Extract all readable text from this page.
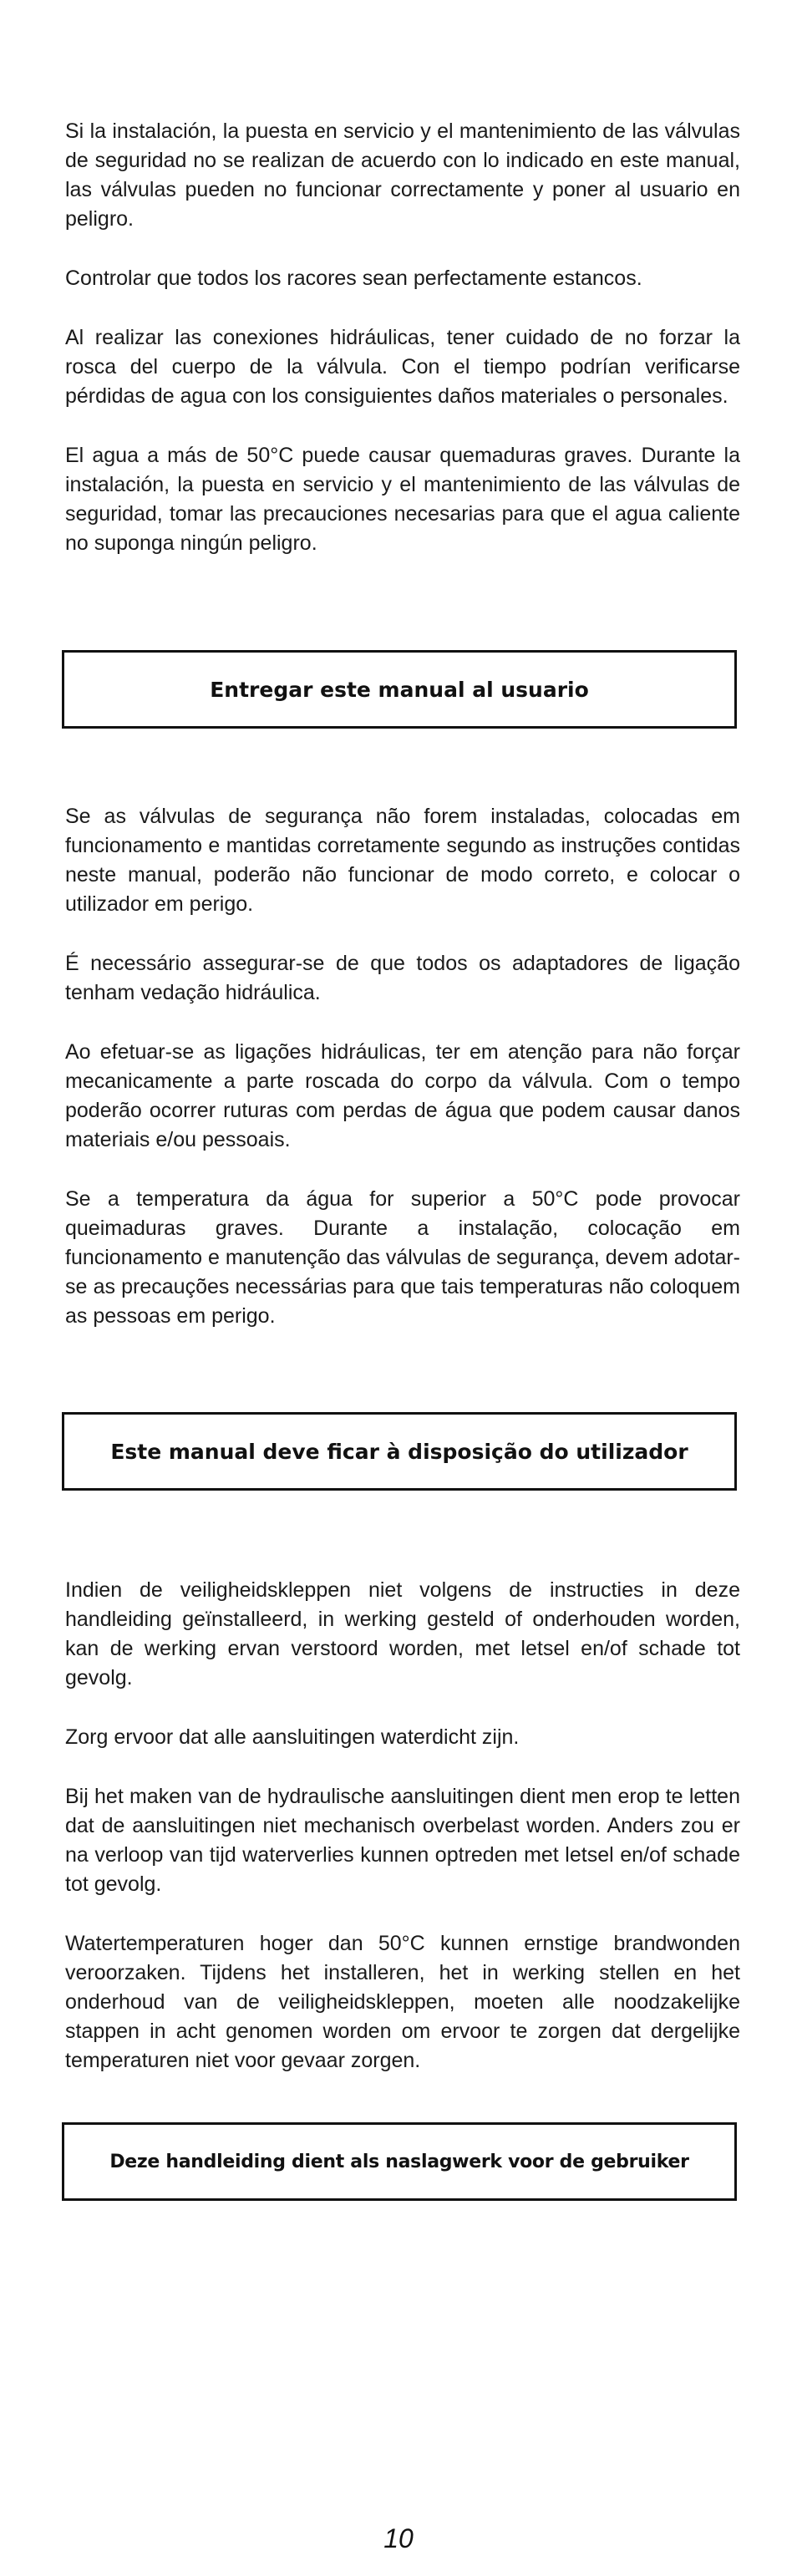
Si la instalación, la puesta en servicio y el mantenimiento de las válvulas de seguridad no se realizan de acuerdo con lo indicado en este manual, las válvulas pueden no funcionar correctamente y poner al usuario en peligro.

Controlar que todos los racores sean perfectamente estancos.

Al realizar las conexiones hidráulicas, tener cuidado de no forzar la rosca del cuerpo de la válvula. Con el tiempo podrían verificarse pérdidas de agua con los consiguientes daños materiales o personales.

El agua a más de 50°C puede causar quemaduras graves. Durante la instalación, la puesta en servicio y el mantenimiento de las válvulas de seguridad, tomar las precauciones necesarias para que el agua caliente no suponga ningún peligro.

Entregar este manual al usuario

Se as válvulas de segurança não forem instaladas, colocadas em funcionamento e mantidas corretamente segundo as instruções contidas neste manual, poderão não funcionar de modo correto, e colocar o utilizador em perigo.

É necessário assegurar-se de que todos os adaptadores de ligação tenham vedação hidráulica.

Ao efetuar-se as ligações hidráulicas, ter em atenção para não forçar mecanicamente a parte roscada do corpo da válvula. Com o tempo poderão ocorrer ruturas com perdas de água que podem causar danos materiais e/ou pessoais.

Se a temperatura da água for superior a 50°C pode provocar queimaduras graves. Durante a instalação, colocação em funcionamento e manutenção das válvulas de segurança, devem adotar-se as precauções necessárias para que tais temperaturas não coloquem as pessoas em perigo.

Este manual deve ficar à disposição do utilizador

Indien de veiligheidskleppen niet volgens de instructies in deze handleiding geïnstalleerd, in werking gesteld of onderhouden worden, kan de werking ervan verstoord worden, met letsel en/of schade tot gevolg.

Zorg ervoor dat alle aansluitingen waterdicht zijn.

Bij het maken van de hydraulische aansluitingen dient men erop te letten dat de aansluitingen niet mechanisch overbelast worden. Anders zou er na verloop van tijd waterverlies kunnen optreden met letsel en/of schade tot gevolg.

Watertemperaturen hoger dan 50°C kunnen ernstige brandwonden veroorzaken. Tijdens het installeren, het in werking stellen en het onderhoud van de veiligheidskleppen, moeten alle noodzakelijke stappen in acht genomen worden om ervoor te zorgen dat dergelijke temperaturen niet voor gevaar zorgen.

Deze handleiding dient als naslagwerk voor de gebruiker
10
